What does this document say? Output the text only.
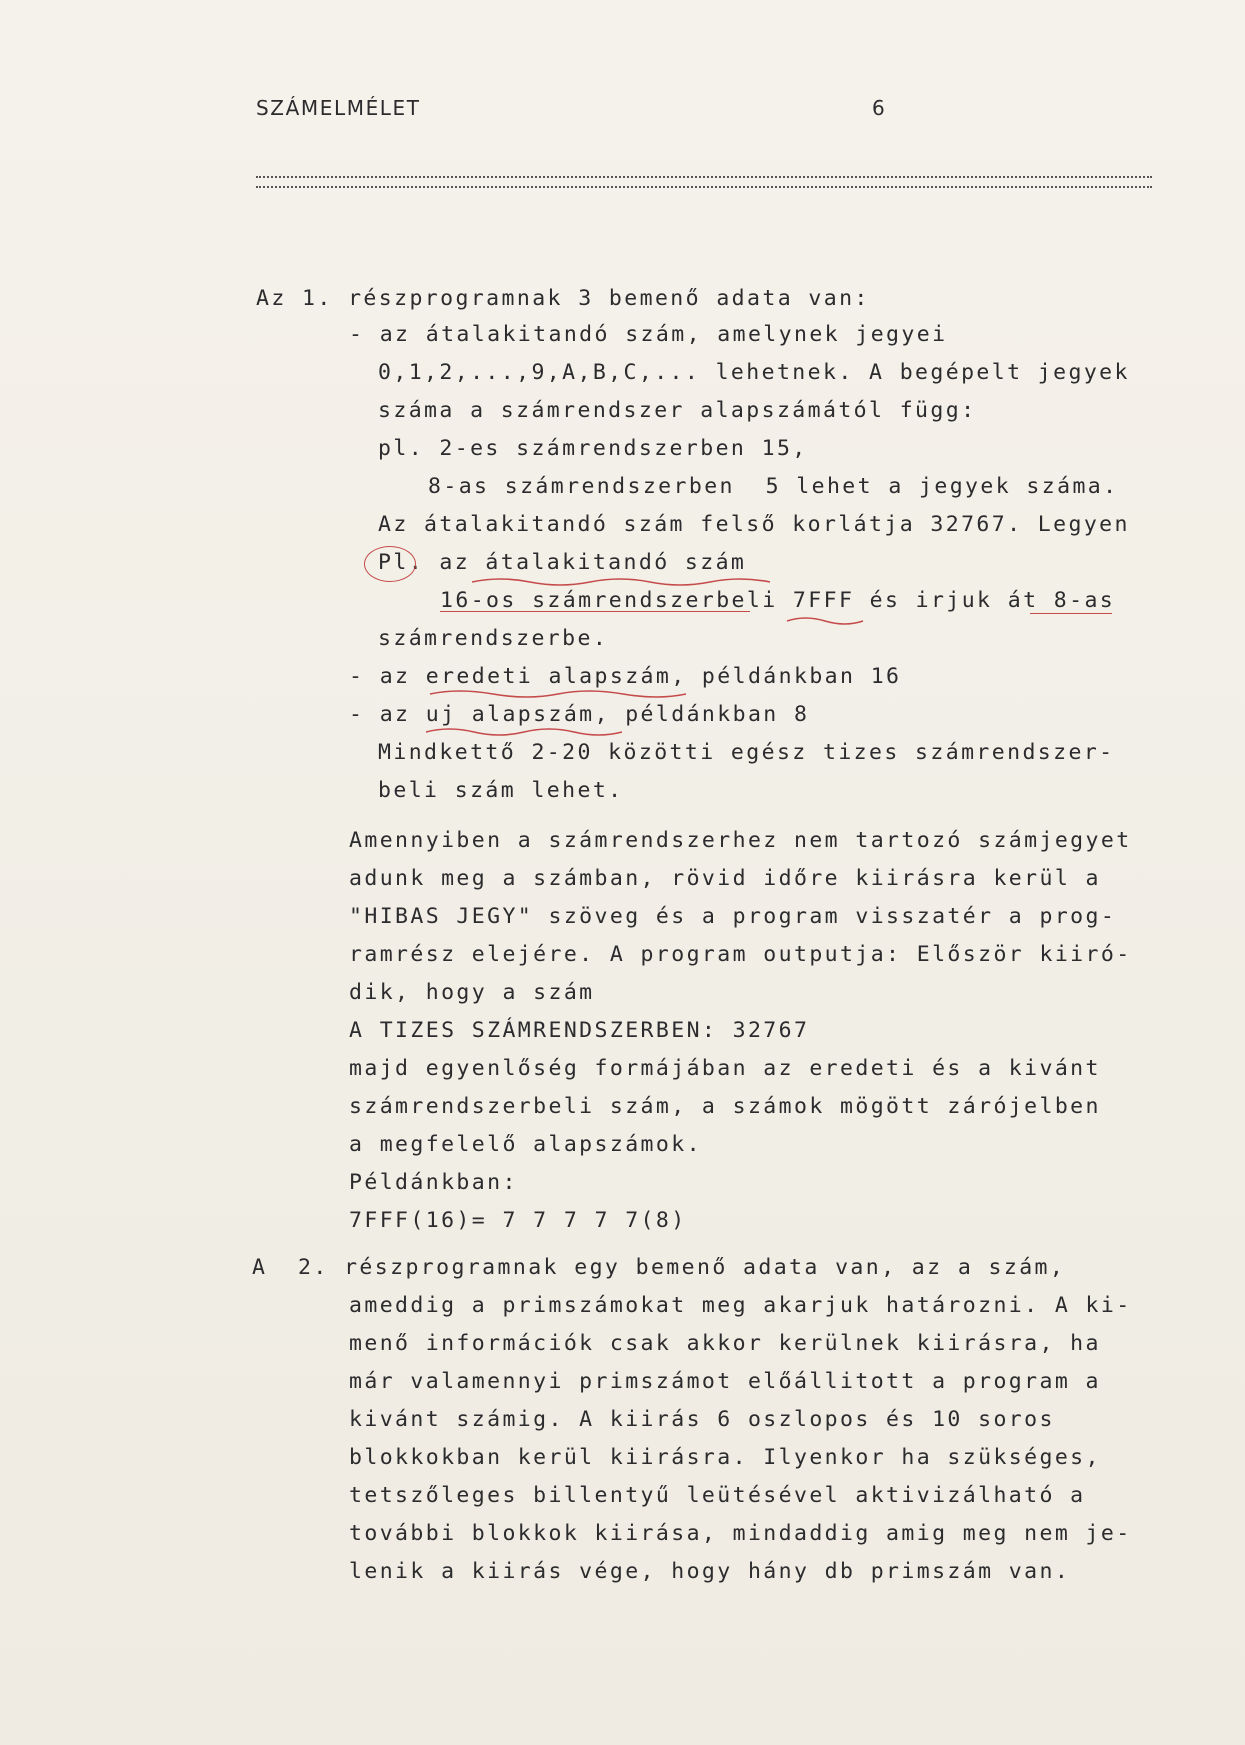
SZÁMELMÉLET	6
Az 1. részprogramnak 3 bemenő adata van:
- az átalakitandó szám, amelynek jegyei
0,1,2,...,9,A,B,C,... lehetnek. A begépelt jegyek
száma a számrendszer alapszámától függ:
pl. 2-es számrendszerben 15,
8-as számrendszerben  5 lehet a jegyek száma.
Az átalakitandó szám felső korlátja 32767. Legyen
Pl. az átalakitandó szám
16-os számrendszerbeli 7FFF és irjuk át 8-as
számrendszerbe.
- az eredeti alapszám, példánkban 16
- az uj alapszám, példánkban 8
Mindkettő 2-20 közötti egész tizes számrendszer-
beli szám lehet.
Amennyiben a számrendszerhez nem tartozó számjegyet
adunk meg a számban, rövid időre kiirásra kerül a
"HIBAS JEGY" szöveg és a program visszatér a prog-
ramrész elejére. A program outputja: Először kiiró-
dik, hogy a szám
A TIZES SZÁMRENDSZERBEN: 32767
majd egyenlőség formájában az eredeti és a kivánt
számrendszerbeli szám, a számok mögött zárójelben
a megfelelő alapszámok.
Példánkban:
7FFF(16)= 7 7 7 7 7(8)
A  2. részprogramnak egy bemenő adata van, az a szám,
ameddig a primszámokat meg akarjuk határozni. A ki-
menő információk csak akkor kerülnek kiirásra, ha
már valamennyi primszámot előállitott a program a
kivánt számig. A kiirás 6 oszlopos és 10 soros
blokkokban kerül kiirásra. Ilyenkor ha szükséges,
tetszőleges billentyű leütésével aktivizálható a
további blokkok kiirása, mindaddig amig meg nem je-
lenik a kiirás vége, hogy hány db primszám van.
